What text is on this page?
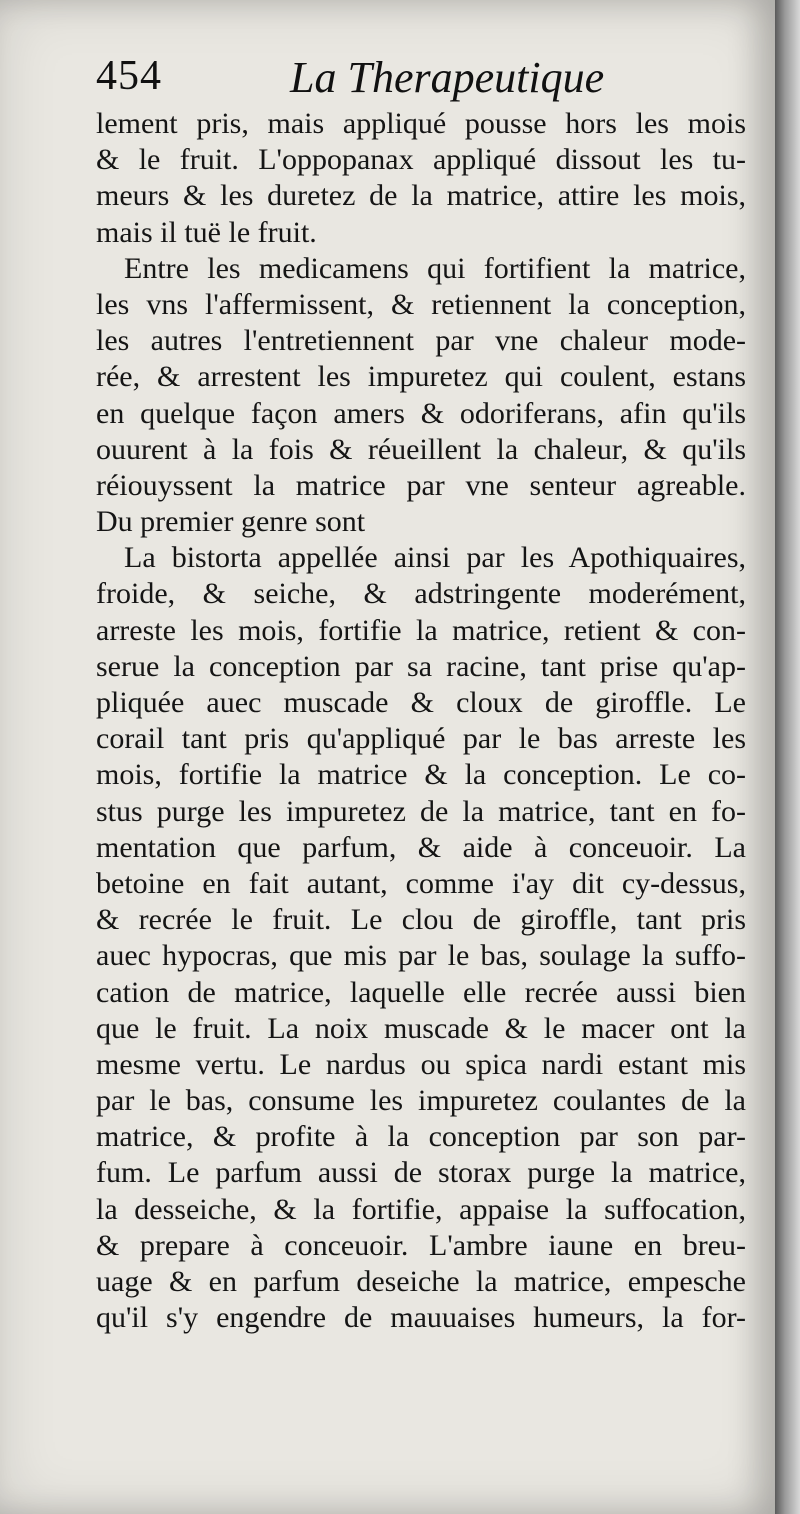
454	La Therapeutique
lement pris, mais appliqué pousse hors les mois
& le fruit. L'oppopanax appliqué dissout les tu-
meurs & les duretez de la matrice, attire les mois,
mais il tuë le fruit.
Entre les medicamens qui fortifient la matrice,
les vns l'affermissent, & retiennent la conception,
les autres l'entretiennent par vne chaleur mode-
rée, & arrestent les impuretez qui coulent, estans
en quelque façon amers & odoriferans, afin qu'ils
ouurent à la fois & réueillent la chaleur, & qu'ils
réiouyssent la matrice par vne senteur agreable.
Du premier genre sont
La bistorta appellée ainsi par les Apothiquaires,
froide, & seiche, & adstringente moderément,
arreste les mois, fortifie la matrice, retient & con-
serue la conception par sa racine, tant prise qu'ap-
pliquée auec muscade & cloux de giroffle. Le
corail tant pris qu'appliqué par le bas arreste les
mois, fortifie la matrice & la conception. Le co-
stus purge les impuretez de la matrice, tant en fo-
mentation que parfum, & aide à conceuoir. La
betoine en fait autant, comme i'ay dit cy-dessus,
& recrée le fruit. Le clou de giroffle, tant pris
auec hypocras, que mis par le bas, soulage la suffo-
cation de matrice, laquelle elle recrée aussi bien
que le fruit. La noix muscade & le macer ont la
mesme vertu. Le nardus ou spica nardi estant mis
par le bas, consume les impuretez coulantes de la
matrice, & profite à la conception par son par-
fum. Le parfum aussi de storax purge la matrice,
la desseiche, & la fortifie, appaise la suffocation,
& prepare à conceuoir. L'ambre iaune en breu-
uage & en parfum deseiche la matrice, empesche
qu'il s'y engendre de mauuaises humeurs, la for-
